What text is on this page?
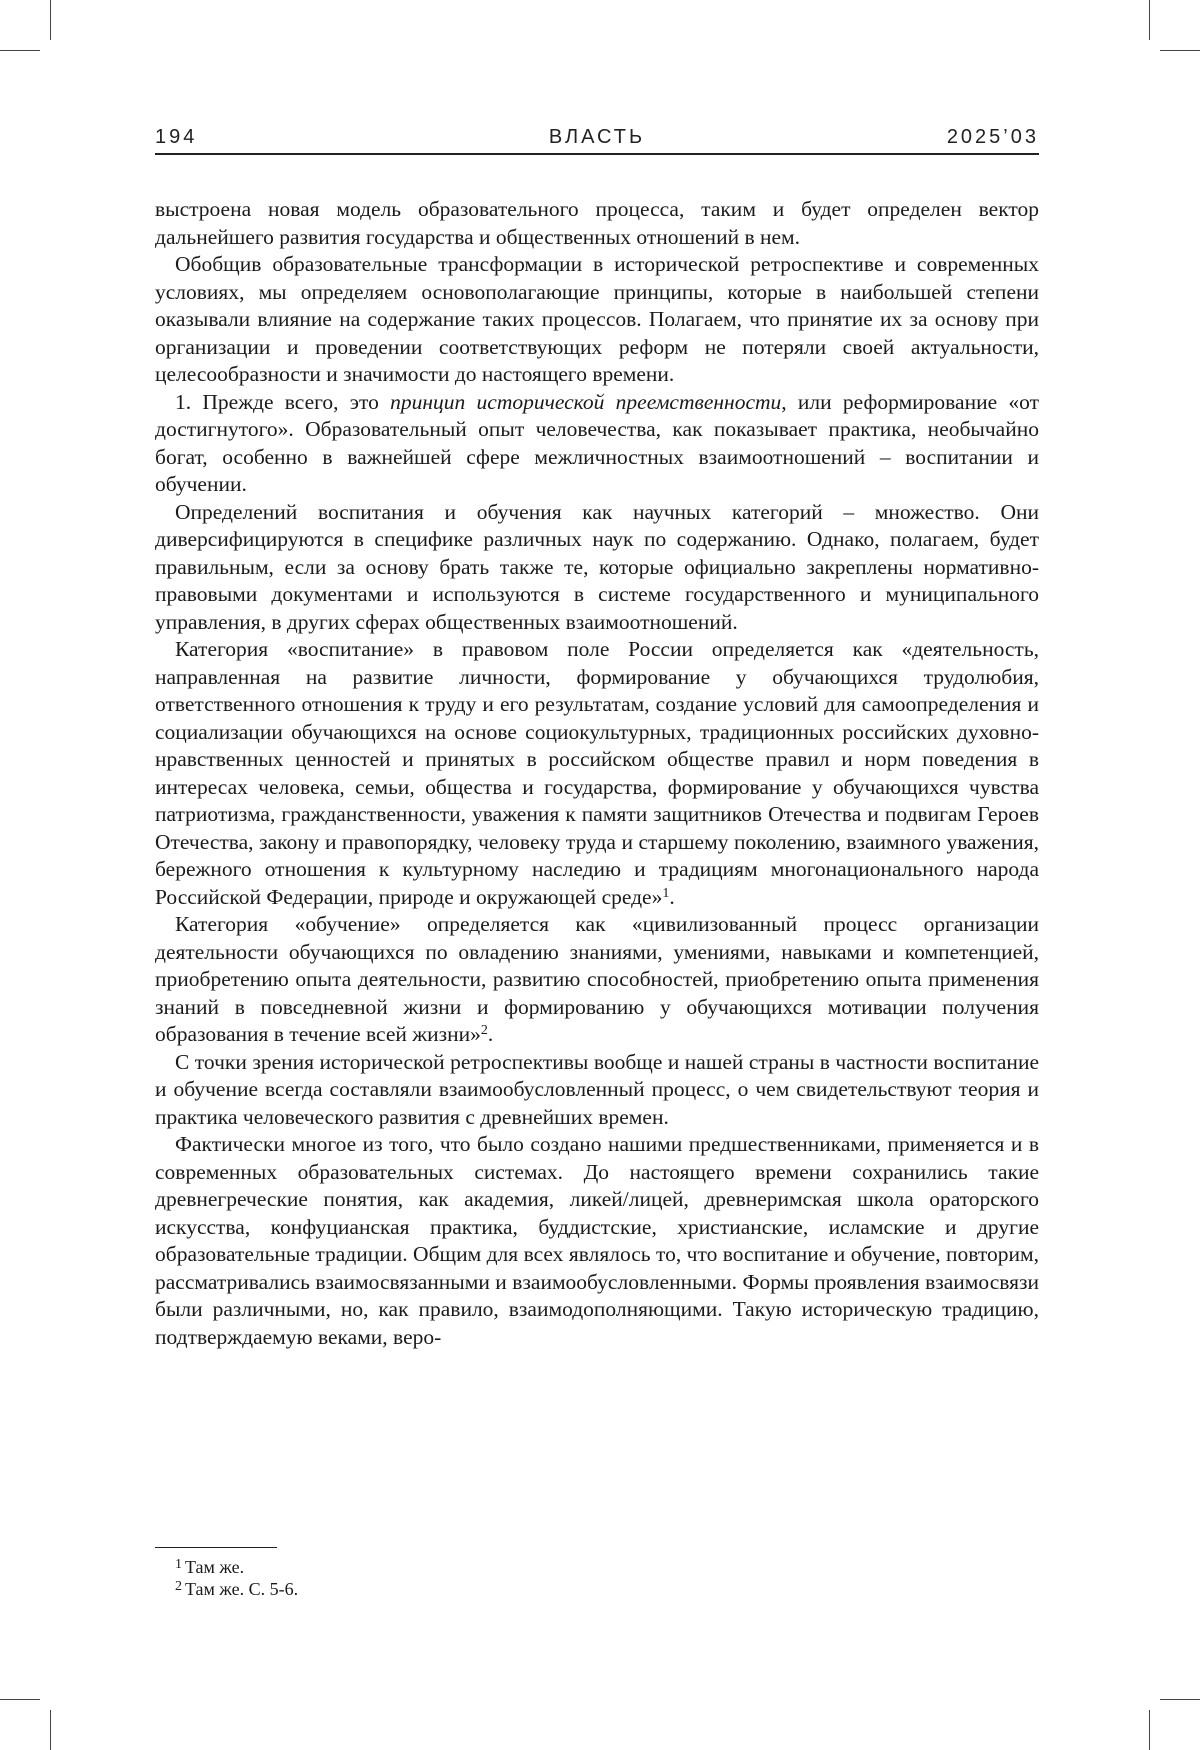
ВЛАСТЬ
194	2025’03

выстроена новая модель образовательного процесса, таким и будет определен вектор дальнейшего развития государства и общественных отношений в нем.

Обобщив образовательные трансформации в исторической ретроспективе и современных условиях, мы определяем основополагающие принципы, которые в наибольшей степени оказывали влияние на содержание таких процессов. Полагаем, что принятие их за основу при организации и проведении соответствующих реформ не потеряли своей актуальности, целесообразности и значимости до настоящего времени.

1. Прежде всего, это принцип исторической преемственности, или реформирование «от достигнутого». Образовательный опыт человечества, как показывает практика, необычайно богат, особенно в важнейшей сфере межличностных взаимоотношений – воспитании и обучении.

Определений воспитания и обучения как научных категорий – множество. Они диверсифицируются в специфике различных наук по содержанию. Однако, полагаем, будет правильным, если за основу брать также те, которые официально закреплены нормативно-правовыми документами и используются в системе государственного и муниципального управления, в других сферах общественных взаимоотношений.

Категория «воспитание» в правовом поле России определяется как «деятельность, направленная на развитие личности, формирование у обучающихся трудолюбия, ответственного отношения к труду и его результатам, создание условий для самоопределения и социализации обучающихся на основе социокультурных, традиционных российских духовно-нравственных ценностей и принятых в российском обществе правил и норм поведения в интересах человека, семьи, общества и государства, формирование у обучающихся чувства патриотизма, гражданственности, уважения к памяти защитников Отечества и подвигам Героев Отечества, закону и правопорядку, человеку труда и старшему поколению, взаимного уважения, бережного отношения к культурному наследию и традициям многонационального народа Российской Федерации, природе и окружающей среде»$^1$.

Категория «обучение» определяется как «цивилизованный процесс организации деятельности обучающихся по овладению знаниями, умениями, навыками и компетенцией, приобретению опыта деятельности, развитию способностей, приобретению опыта применения знаний в повседневной жизни и формированию у обучающихся мотивации получения образования в течение всей жизни»$^2$.

С точки зрения исторической ретроспективы вообще и нашей страны в частности воспитание и обучение всегда составляли взаимообусловленный процесс, о чем свидетельствуют теория и практика человеческого развития с древнейших времен.

Фактически многое из того, что было создано нашими предшественниками, применяется и в современных образовательных системах. До настоящего времени сохранились такие древнегреческие понятия, как академия, ликей/лицей, древнеримская школа ораторского искусства, конфуцианская практика, буддистские, христианские, исламские и другие образовательные традиции. Общим для всех являлось то, что воспитание и обучение, повторим, рассматривались взаимосвязанными и взаимообусловленными. Формы проявления взаимосвязи были различными, но, как правило, взаимодополняющими. Такую историческую традицию, подтверждаемую веками, веро-

$^1$ Там же.
$^2$ Там же. С. 5-6.
